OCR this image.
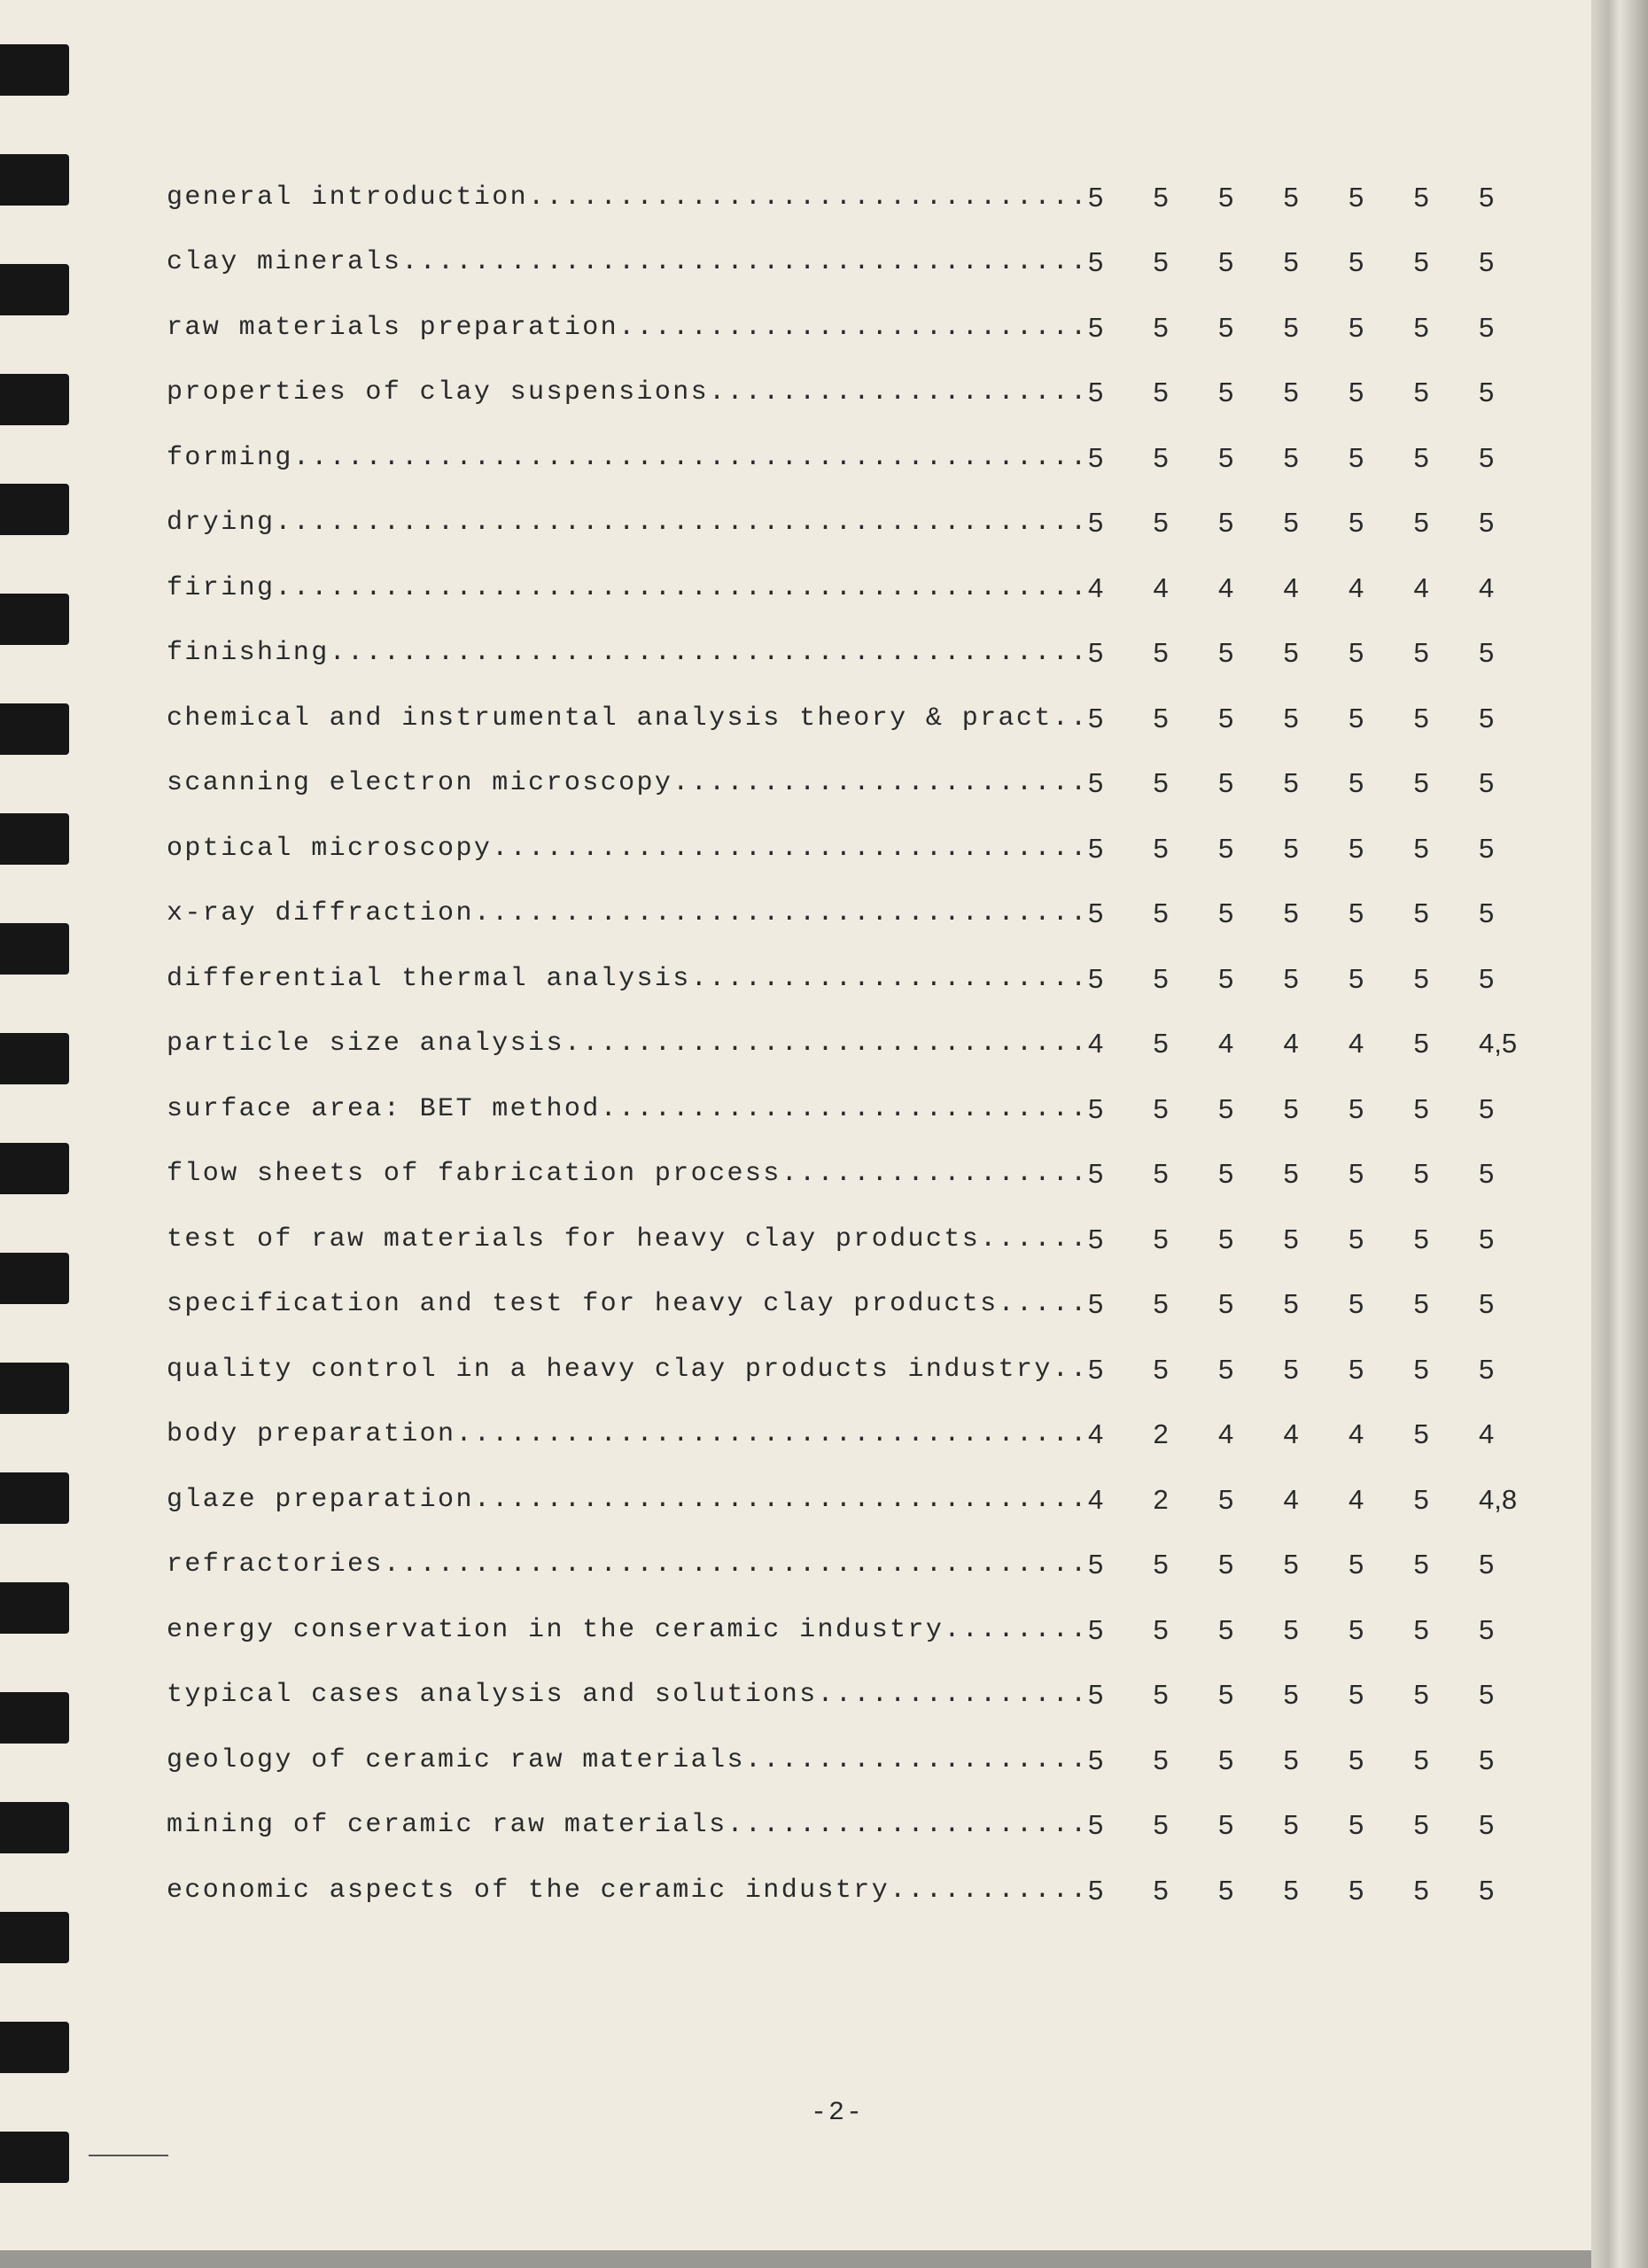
general introduction .....	5	5	5	5	5	5	5
clay minerals .....	5	5	5	5	5	5	5
raw materials preparation .....	5	5	5	5	5	5	5
properties of clay suspensions .....	5	5	5	5	5	5	5
forming .....	5	5	5	5	5	5	5
drying .....	5	5	5	5	5	5	5
firing .....	4	4	4	4	4	4	4
finishing .....	5	5	5	5	5	5	5
chemical and instrumental analysis theory & pract. ..... 5	5	5	5	5	5	5
scanning electron microscopy .....	5	5	5	5	5	5	5
optical microscopy .....	5	5	5	5	5	5	5
x-ray diffraction .....	5	5	5	5	5	5	5
differential thermal analysis .....	5	5	5	5	5	5	5
particle size analysis .....	4	5	4	4	4	5	4,5
surface area: BET method .....	5	5	5	5	5	5	5
flow sheets of fabrication process .....	5	5	5	5	5	5	5
test of raw materials for heavy clay products .....	5	5	5	5	5	5	5
specification and test for heavy clay products .....	5	5	5	5	5	5	5
quality control in a heavy clay products industry ..... 5	5	5	5	5	5	5
body preparation .....	4	2	4	4	4	5	4
glaze preparation .....	4	2	5	4	4	5	4,8
refractories .....	5	5	5	5	5	5	5
energy conservation in the ceramic industry .....	5	5	5	5	5	5	5
typical cases analysis and solutions .....	5	5	5	5	5	5	5
geology of ceramic raw materials .....	5	5	5	5	5	5	5
mining of ceramic raw materials .....	5	5	5	5	5	5	5
economic aspects of the ceramic industry .....	5	5	5	5	5	5	5
-2-
